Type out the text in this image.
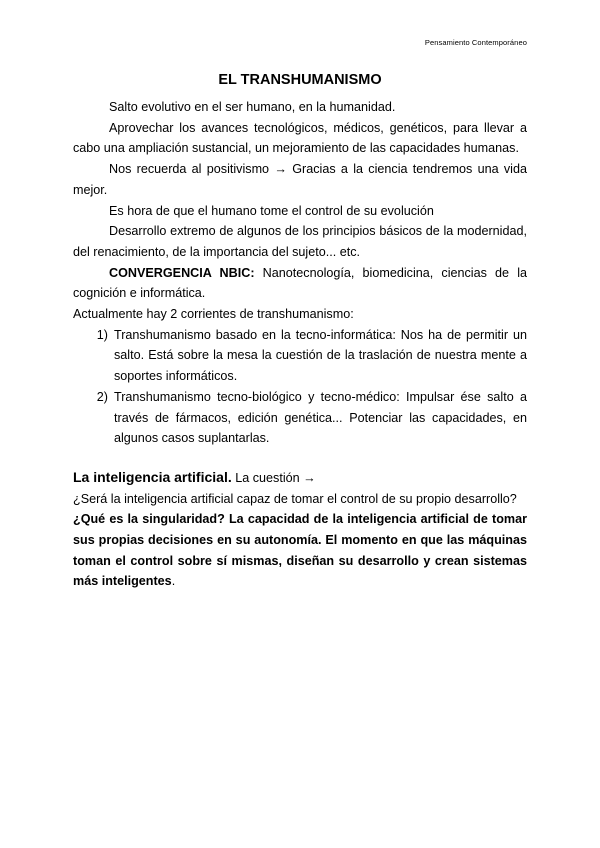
Pensamiento Contemporáneo
EL TRANSHUMANISMO

Salto evolutivo en el ser humano, en la humanidad.

Aprovechar los avances tecnológicos, médicos, genéticos, para llevar a cabo una ampliación sustancial, un mejoramiento de las capacidades humanas.

Nos recuerda al positivismo → Gracias a la ciencia tendremos una vida mejor.

Es hora de que el humano tome el control de su evolución

Desarrollo extremo de algunos de los principios básicos de la modernidad, del renacimiento, de la importancia del sujeto... etc.

CONVERGENCIA NBIC: Nanotecnología, biomedicina, ciencias de la cognición e informática.

Actualmente hay 2 corrientes de transhumanismo:

1) Transhumanismo basado en la tecno-informática: Nos ha de permitir un salto. Está sobre la mesa la cuestión de la traslación de nuestra mente a soportes informáticos.
2) Transhumanismo tecno-biológico y tecno-médico: Impulsar ése salto a través de fármacos, edición genética... Potenciar las capacidades, en algunos casos suplantarlas.

La inteligencia artificial. La cuestión →

¿Será la inteligencia artificial capaz de tomar el control de su propio desarrollo?

¿Qué es la singularidad? La capacidad de la inteligencia artificial de tomar sus propias decisiones en su autonomía. El momento en que las máquinas toman el control sobre sí mismas, diseñan su desarrollo y crean sistemas más inteligentes.
